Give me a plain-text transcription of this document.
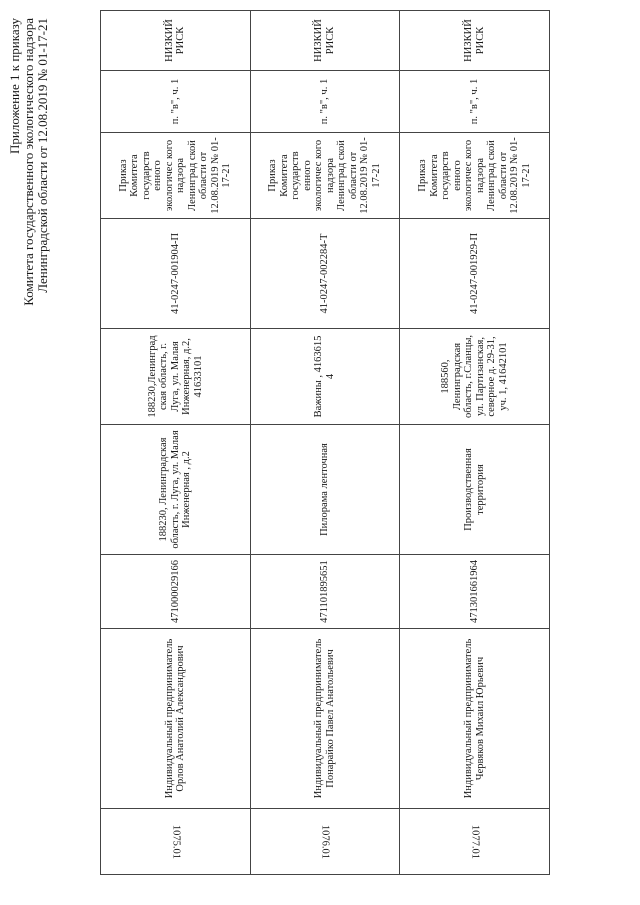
Приложение 1 к приказу Комитета государственного экологического надзора Ленинградской области от 12.08.2019 № 01-17-21
1075.01	Индивидуальный предприниматель Орлов Анатолий Александрович	471000029166	188230, Ленинградская область, г. Луга, ул. Малая Инженерная , д.2	188230,Ленинград ская область, г. Луга, ул. Малая Инженерная, д.2, 41633101	41-0247-001904-П	Приказ Комитета государств енного экологичес кого надзора Ленинград ской области от 12.08.2019 № 01-17-21	п. "в", ч. 1	НИЗКИЙ РИСК
1076.01	Индивидуальный предприниматель Понарайко Павел Анатольевич	471101895651	Пилорама ленточная	Важины , 4163615 4	41-0247-002284-Т	Приказ Комитета государств енного экологичес кого надзора Ленинград ской области от 12.08.2019 № 01-17-21	п. "в", ч. 1	НИЗКИЙ РИСК
1077.01	Индивидуальный предприниматель Червяков Михаил Юрьевич	471301661964	Производственная территория	188560, Ленинградская область, г.Сланцы, ул. Партизанская, северное д. 29-31, уч. 1, 41642101	41-0247-001929-П	Приказ Комитета государств енного экологичес кого надзора Ленинград ской области от 12.08.2019 № 01-17-21	п. "в", ч. 1	НИЗКИЙ РИСК
